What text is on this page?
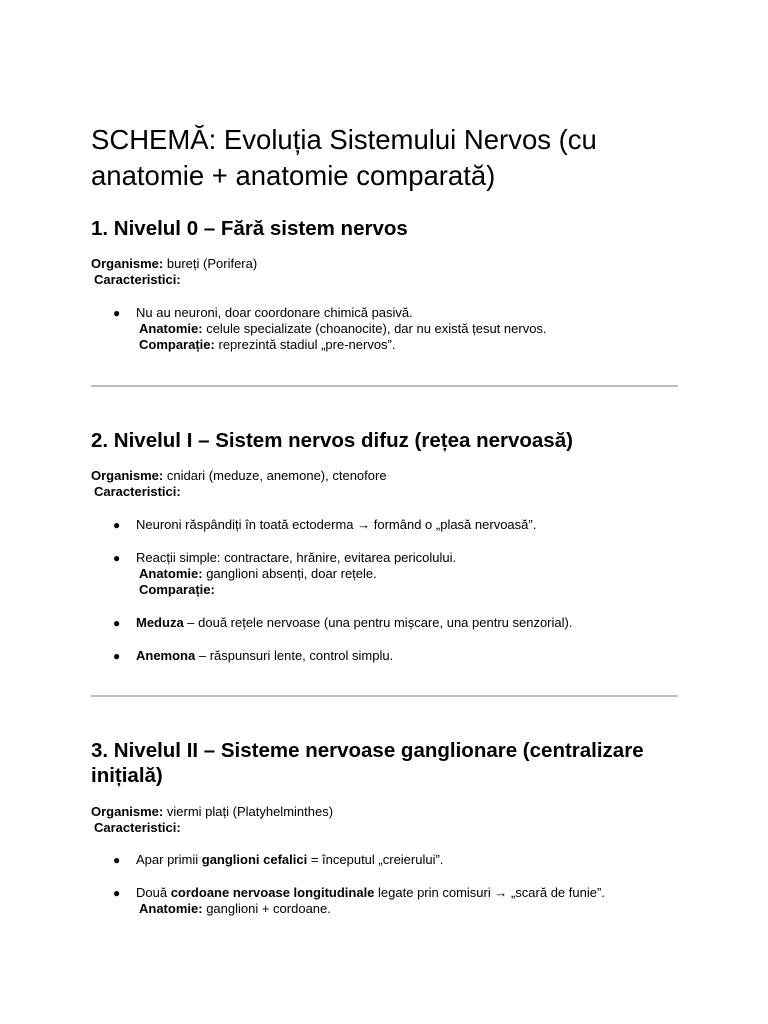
SCHEMĂ: Evoluția Sistemului Nervos (cu anatomie + anatomie comparată)
1. Nivelul 0 – Fără sistem nervos
Organisme: bureți (Porifera)
Caracteristici:
● Nu au neuroni, doar coordonare chimică pasivă.
Anatomie: celule specializate (choanocite), dar nu există țesut nervos.
Comparație: reprezintă stadiul „pre-nervos”.
2. Nivelul I – Sistem nervos difuz (rețea nervoasă)
Organisme: cnidari (meduze, anemone), ctenofore
Caracteristici:
● Neuroni răspândiți în toată ectoderma → formând o „plasă nervoasă”.
● Reacții simple: contractare, hrănire, evitarea pericolului.
Anatomie: ganglioni absenți, doar rețele.
Comparație:
● Meduza – două rețele nervoase (una pentru mișcare, una pentru senzorial).
● Anemona – răspunsuri lente, control simplu.
3. Nivelul II – Sisteme nervoase ganglionare (centralizare inițială)
Organisme: viermi plați (Platyhelminthes)
Caracteristici:
● Apar primii ganglioni cefalici = începutul „creierului”.
● Două cordoane nervoase longitudinale legate prin comisuri → „scară de funie”.
Anatomie: ganglioni + cordoane.
